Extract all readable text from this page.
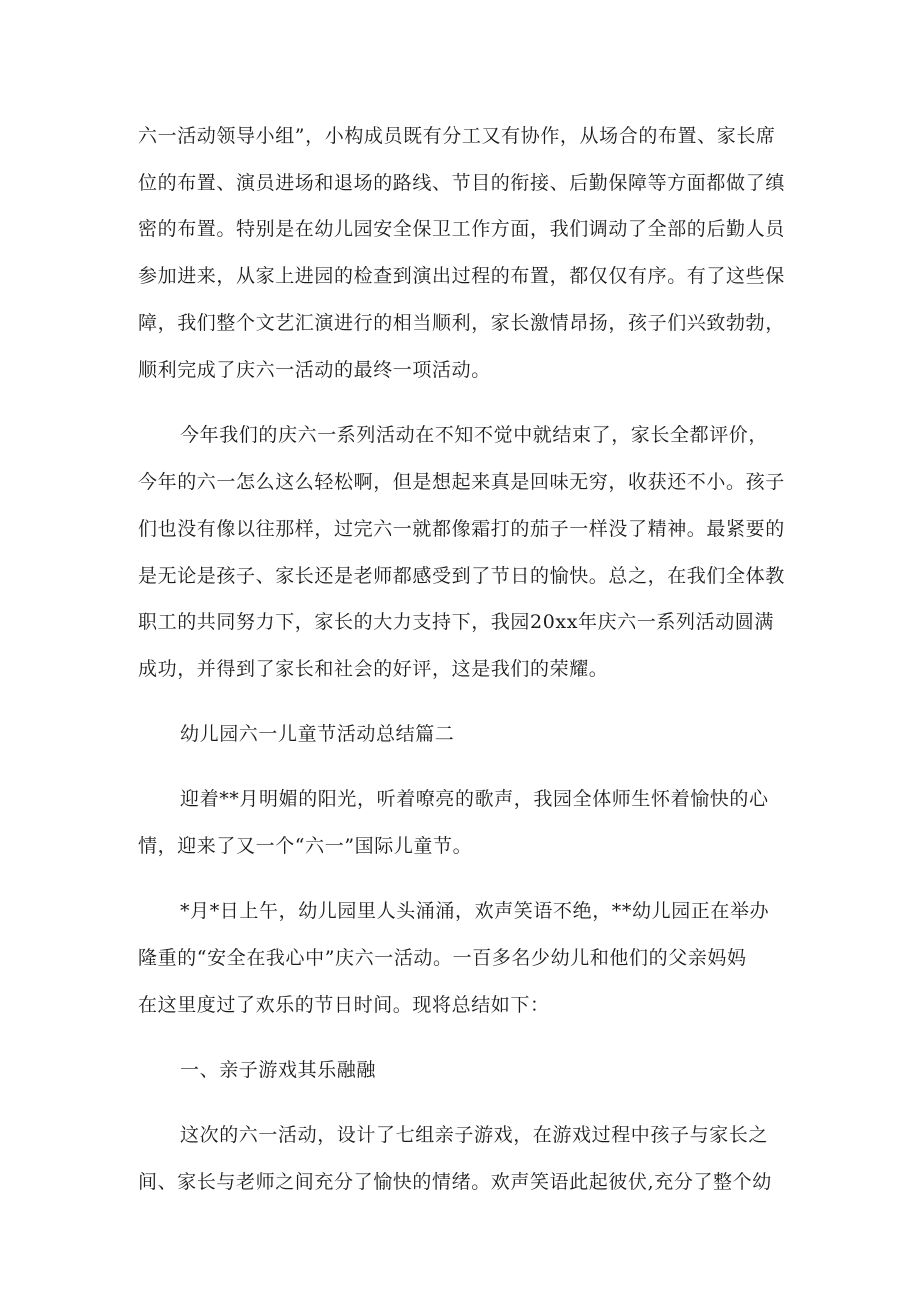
六一活动领导小组”，小构成员既有分工又有协作，从场合的布置、家长席
位的布置、演员进场和退场的路线、节目的衔接、后勤保障等方面都做了缜
密的布置。特别是在幼儿园安全保卫工作方面，我们调动了全部的后勤人员
参加进来，从家上进园的检查到演出过程的布置，都仅仅有序。有了这些保
障，我们整个文艺汇演进行的相当顺利，家长激情昂扬，孩子们兴致勃勃，
顺利完成了庆六一活动的最终一项活动。
今年我们的庆六一系列活动在不知不觉中就结束了，家长全都评价，
今年的六一怎么这么轻松啊，但是想起来真是回味无穷，收获还不小。孩子
们也没有像以往那样，过完六一就都像霜打的茄子一样没了精神。最紧要的
是无论是孩子、家长还是老师都感受到了节日的愉快。总之，在我们全体教
职工的共同努力下，家长的大力支持下，我园20xx年庆六一系列活动圆满
成功，并得到了家长和社会的好评，这是我们的荣耀。
幼儿园六一儿童节活动总结篇二
迎着**月明媚的阳光，听着嘹亮的歌声，我园全体师生怀着愉快的心
情，迎来了又一个“六一”国际儿童节。
*月*日上午，幼儿园里人头涌涌，欢声笑语不绝，**幼儿园正在举办
隆重的“安全在我心中”庆六一活动。一百多名少幼儿和他们的父亲妈妈
在这里度过了欢乐的节日时间。现将总结如下：
一、亲子游戏其乐融融
这次的六一活动，设计了七组亲子游戏，在游戏过程中孩子与家长之
间、家长与老师之间充分了愉快的情绪。欢声笑语此起彼伏,充分了整个幼
